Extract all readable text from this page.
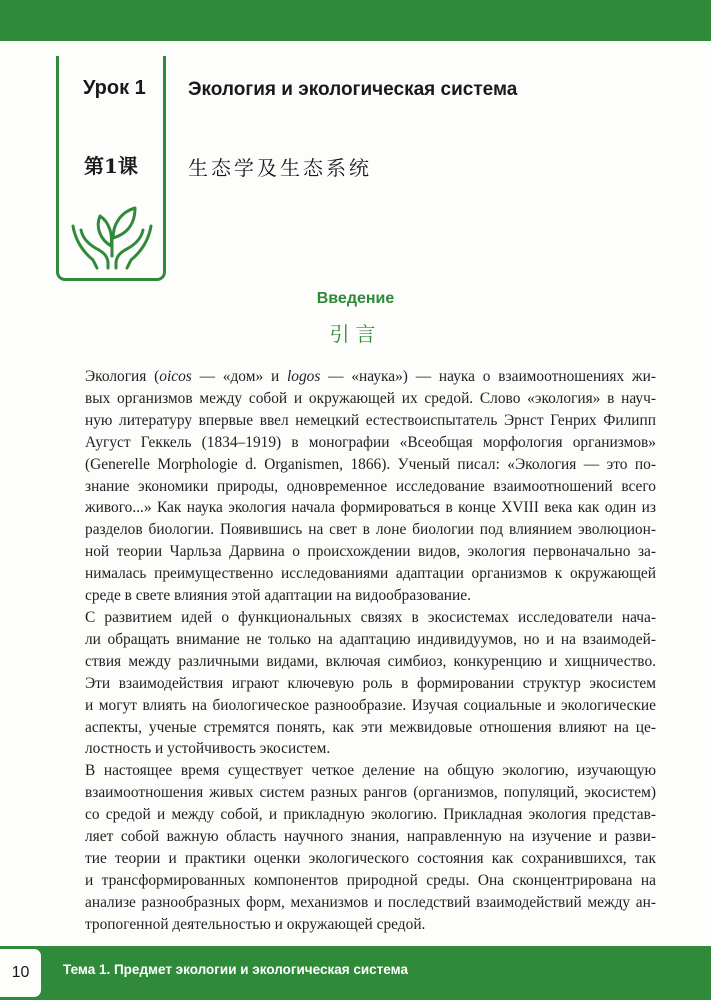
Урок 1 Экология и экологическая система
第1课	生态学及生态系统
Введение
引言

Экология (oicos — «дом» и logos — «наука») — наука о взаимоотношениях жи-
вых организмов между собой и окружающей их средой. Слово «экология» в науч-
ную литературу впервые ввел немецкий естествоиспытатель Эрнст Генрих Филипп
Аугуст Геккель (1834–1919) в монографии «Всеобщая морфология организмов»
(Generelle Morphologie d. Organismen, 1866). Ученый писал: «Экология — это по-
знание экономики природы, одновременное исследование взаимоотношений всего
живого...» Как наука экология начала формироваться в конце XVIII века как один из
разделов биологии. Появившись на свет в лоне биологии под влиянием эволюцион-
ной теории Чарльза Дарвина о происхождении видов, экология первоначально за-
нималась преимущественно исследованиями адаптации организмов к окружающей
среде в свете влияния этой адаптации на видообразование.

С развитием идей о функциональных связях в экосистемах исследователи нача-
ли обращать внимание не только на адаптацию индивидуумов, но и на взаимодей-
ствия между различными видами, включая симбиоз, конкуренцию и хищничество.
Эти взаимодействия играют ключевую роль в формировании структур экосистем
и могут влиять на биологическое разнообразие. Изучая социальные и экологические
аспекты, ученые стремятся понять, как эти межвидовые отношения влияют на це-
лостность и устойчивость экосистем.

В настоящее время существует четкое деление на общую экологию, изучающую
взаимоотношения живых систем разных рангов (организмов, популяций, экосистем)
со средой и между собой, и прикладную экологию. Прикладная экология представ-
ляет собой важную область научного знания, направленную на изучение и разви-
тие теории и практики оценки экологического состояния как сохранившихся, так
и трансформированных компонентов природной среды. Она сконцентрирована на
анализе разнообразных форм, механизмов и последствий взаимодействий между ан-
тропогенной деятельностью и окружающей средой.

10	Тема 1. Предмет экологии и экологическая система
